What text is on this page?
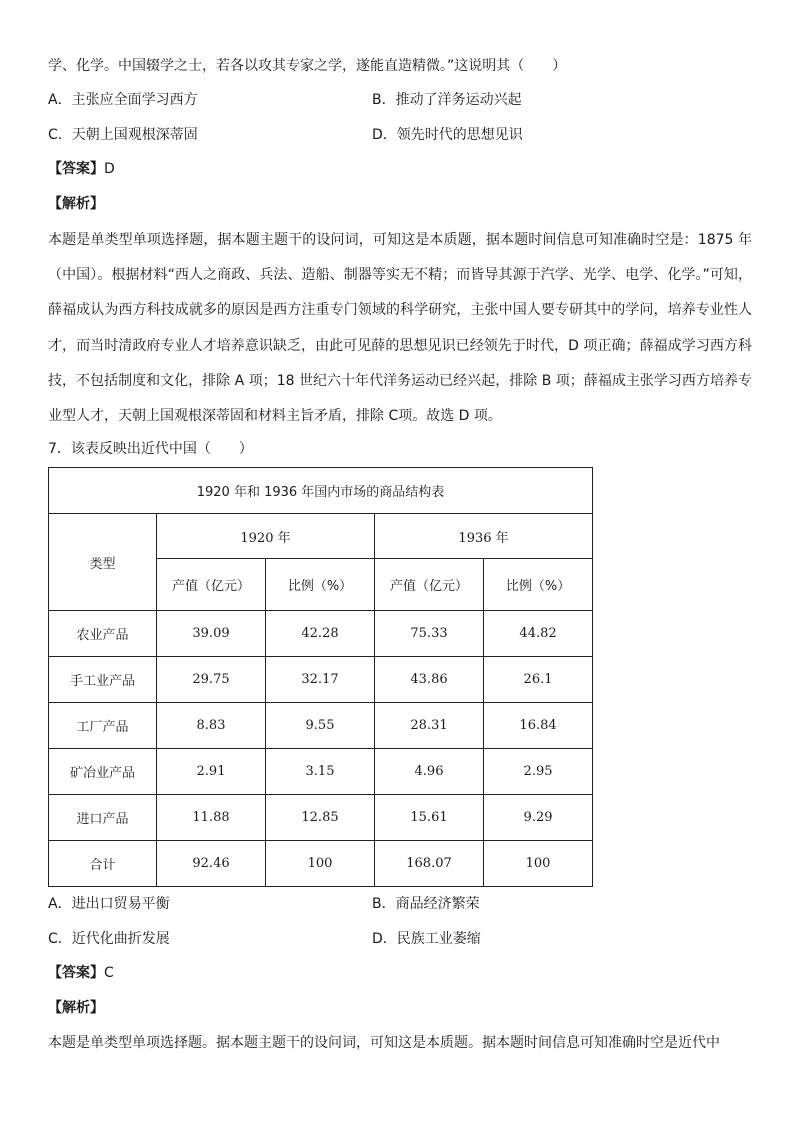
学、化学。中国辍学之士，若各以攻其专家之学，遂能直造精微。”这说明其（　　）
A．主张应全面学习西方	B．推动了洋务运动兴起
C．天朝上国观根深蒂固	D．领先时代的思想见识
【答案】D
【解析】
本题是单类型单项选择题，据本题主题干的设问词，可知这是本质题，据本题时间信息可知准确时空是：1875 年（中国）。根据材料“西人之商政、兵法、造船、制器等实无不精；而皆导其源于汽学、光学、电学、化学。”可知，薛福成认为西方科技成就多的原因是西方注重专门领域的科学研究，主张中国人要专研其中的学问，培养专业性人才，而当时清政府专业人才培养意识缺乏，由此可见薛的思想见识已经领先于时代，D 项正确；薛福成学习西方科技，不包括制度和文化，排除 A 项；18 世纪六十年代洋务运动已经兴起，排除 B 项；薛福成主张学习西方培养专业型人才，天朝上国观根深蒂固和材料主旨矛盾，排除 C项。故选 D 项。
7．该表反映出近代中国（　　）
1920 年和 1936 年国内市场的商品结构表				
类型	1920 年		1936 年	
	产值（亿元）	比例（%）	产值（亿元）	比例（%）
农业产品	39.09	42.28	75.33	44.82
手工业产品	29.75	32.17	43.86	26.1
工厂产品	8.83	9.55	28.31	16.84
矿冶业产品	2.91	3.15	4.96	2.95
进口产品	11.88	12.85	15.61	9.29
合计	92.46	100	168.07	100
A．进出口贸易平衡	B．商品经济繁荣
C．近代化曲折发展	D．民族工业萎缩
【答案】C
【解析】
本题是单类型单项选择题。据本题主题干的设问词，可知这是本质题。据本题时间信息可知准确时空是近代中
